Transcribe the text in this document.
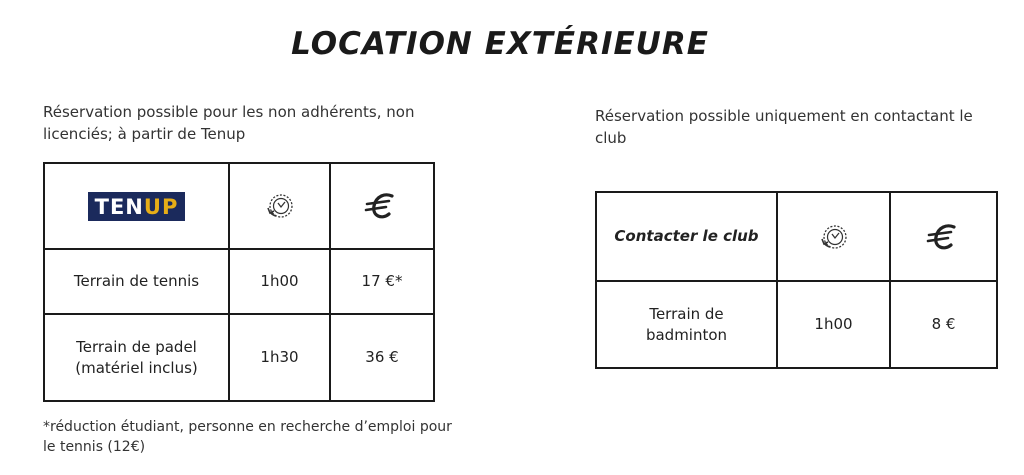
LOCATION EXTÉRIEURE
Réservation possible pour les non adhérents, non licenciés; à partir de Tenup
Réservation possible uniquement en contactant le club
TENUP		
Terrain de tennis	1h00	17 €*

Terrain de padel
(matériel inclus)	1h30	36 €
*réduction étudiant, personne en recherche d’emploi pour le tennis (12€)
Contacter le club		

Terrain de
badminton	1h00	8 €
